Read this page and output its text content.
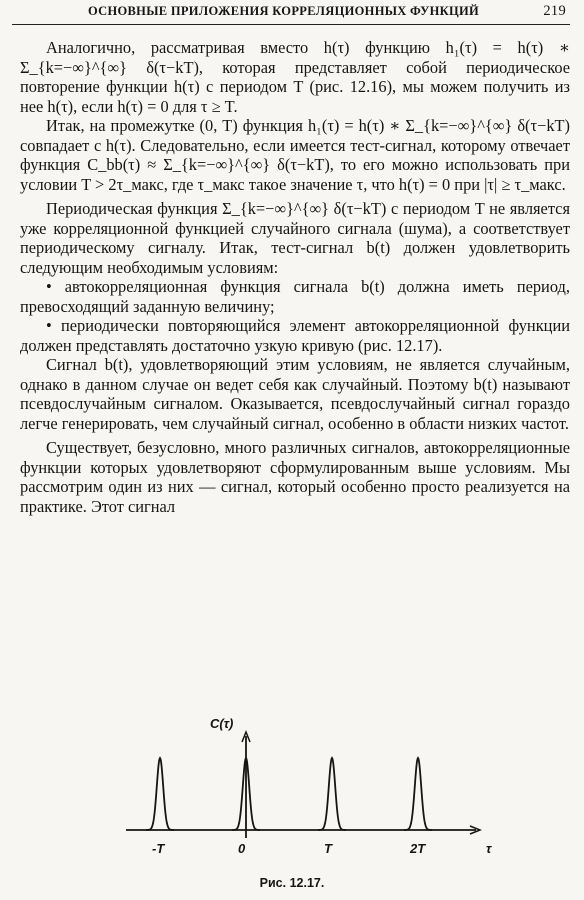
ОСНОВНЫЕ ПРИЛОЖЕНИЯ КОРРЕЛЯЦИОННЫХ ФУНКЦИЙ	219

Аналогично, рассматривая вместо h(τ) функцию h₁(τ) = h(τ) ∗ Σ_{k=−∞}^{∞} δ(τ−kT), которая представляет собой периодическое повторение функции h(τ) с периодом T (рис. 12.16), мы можем получить из нее h(τ), если h(τ) = 0 для τ ≥ T.

Итак, на промежутке (0, T) функция h₁(τ) = h(τ) ∗ Σ_{k=−∞}^{∞} δ(τ−kT) совпадает с h(τ). Следовательно, если имеется тест-сигнал, которому отвечает функция C_bb(τ) ≈ Σ_{k=−∞}^{∞} δ(τ−kT), то его можно использовать при условии T > 2τ_макс, где τ_макс такое значение τ, что h(τ) = 0 при |τ| ≥ τ_макс.

Периодическая функция Σ_{k=−∞}^{∞} δ(τ−kT) с периодом T не является уже корреляционной функцией случайного сигнала (шума), а соответствует периодическому сигналу. Итак, тест-сигнал b(t) должен удовлетворить следующим необходимым условиям:

• автокорреляционная функция сигнала b(t) должна иметь период, превосходящий заданную величину;

• периодически повторяющийся элемент автокорреляционной функции должен представлять достаточно узкую кривую (рис. 12.17).

Сигнал b(t), удовлетворяющий этим условиям, не является случайным, однако в данном случае он ведет себя как случайный. Поэтому b(t) называют псевдослучайным сигналом. Оказывается, псевдослучайный сигнал гораздо легче генерировать, чем случайный сигнал, особенно в области низких частот.

Существует, безусловно, много различных сигналов, автокорреляционные функции которых удовлетворяют сформулированным выше условиям. Мы рассмотрим один из них — сигнал, который особенно просто реализуется на практике. Этот сигнал

C(τ)
τ
-T	0	T	2T
Рис. 12.17.
